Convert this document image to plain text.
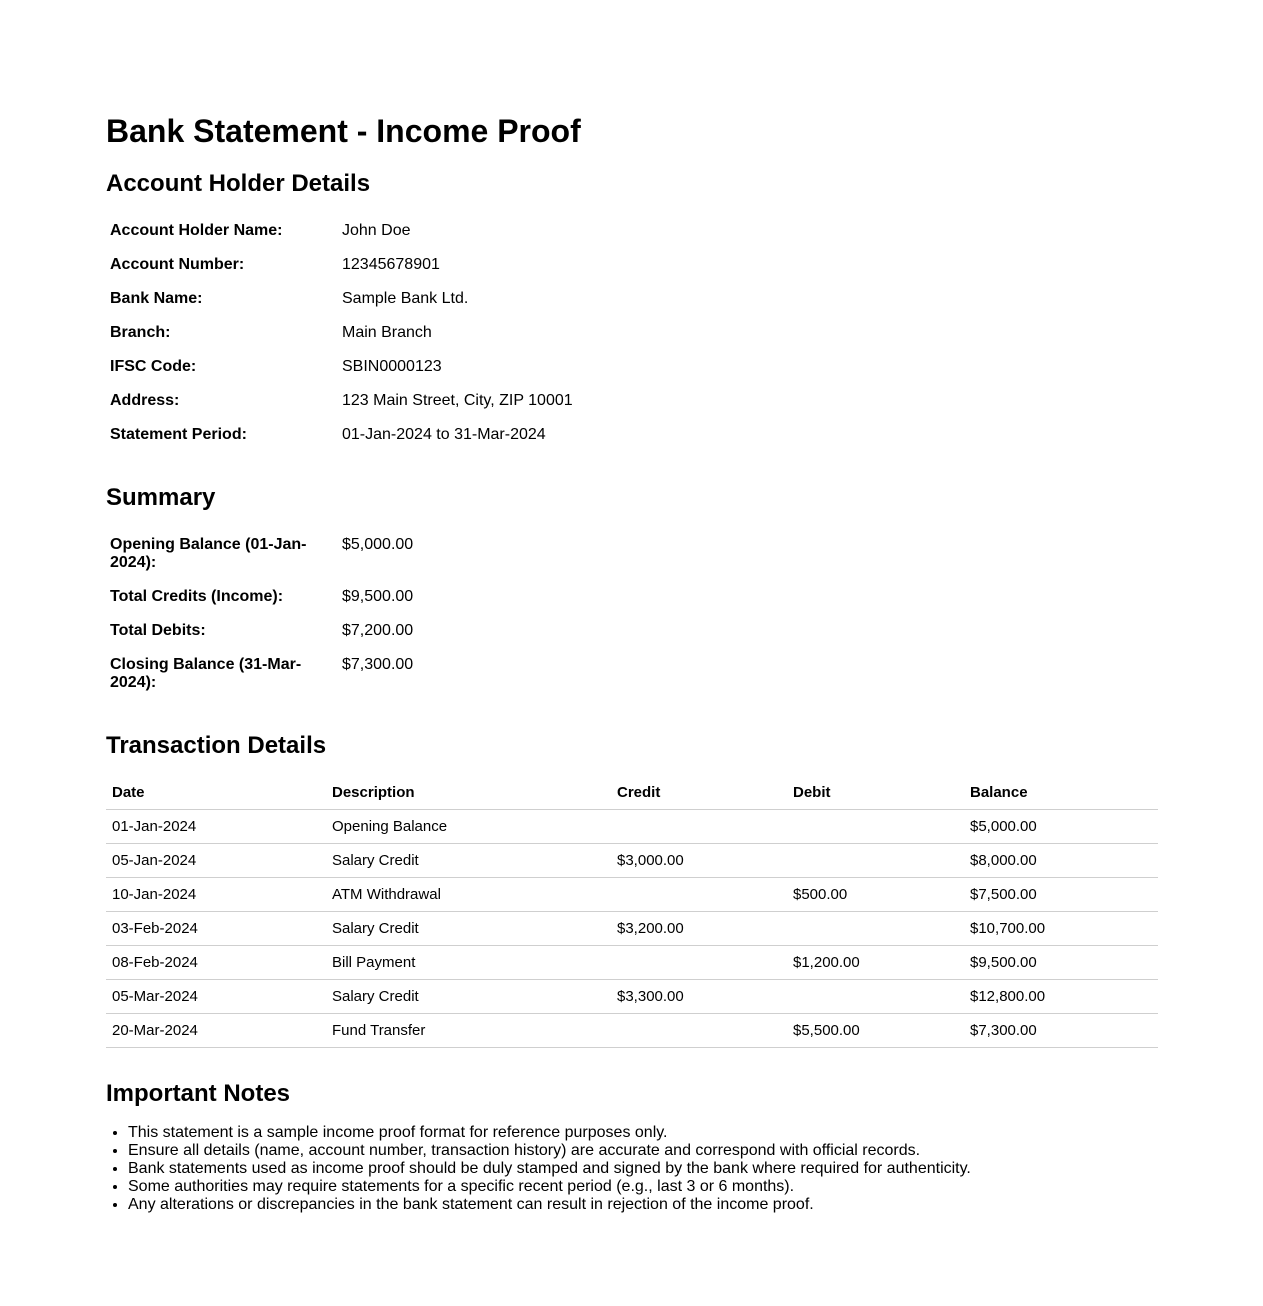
Bank Statement - Income Proof
Account Holder Details
Account Holder Name:	John Doe
Account Number:	12345678901
Bank Name:	Sample Bank Ltd.
Branch:	Main Branch
IFSC Code:	SBIN0000123
Address:	123 Main Street, City, ZIP 10001
Statement Period:	01-Jan-2024 to 31-Mar-2024
Summary
Opening Balance (01-Jan-2024):	$5,000.00
Total Credits (Income):	$9,500.00
Total Debits:	$7,200.00
Closing Balance (31-Mar-2024):	$7,300.00
Transaction Details
Date	Description	Credit	Debit	Balance
01-Jan-2024	Opening Balance			$5,000.00
05-Jan-2024	Salary Credit	$3,000.00		$8,000.00
10-Jan-2024	ATM Withdrawal		$500.00	$7,500.00
03-Feb-2024	Salary Credit	$3,200.00		$10,700.00
08-Feb-2024	Bill Payment		$1,200.00	$9,500.00
05-Mar-2024	Salary Credit	$3,300.00		$12,800.00
20-Mar-2024	Fund Transfer		$5,500.00	$7,300.00
Important Notes
• This statement is a sample income proof format for reference purposes only.
• Ensure all details (name, account number, transaction history) are accurate and correspond with official records.
• Bank statements used as income proof should be duly stamped and signed by the bank where required for authenticity.
• Some authorities may require statements for a specific recent period (e.g., last 3 or 6 months).
• Any alterations or discrepancies in the bank statement can result in rejection of the income proof.
